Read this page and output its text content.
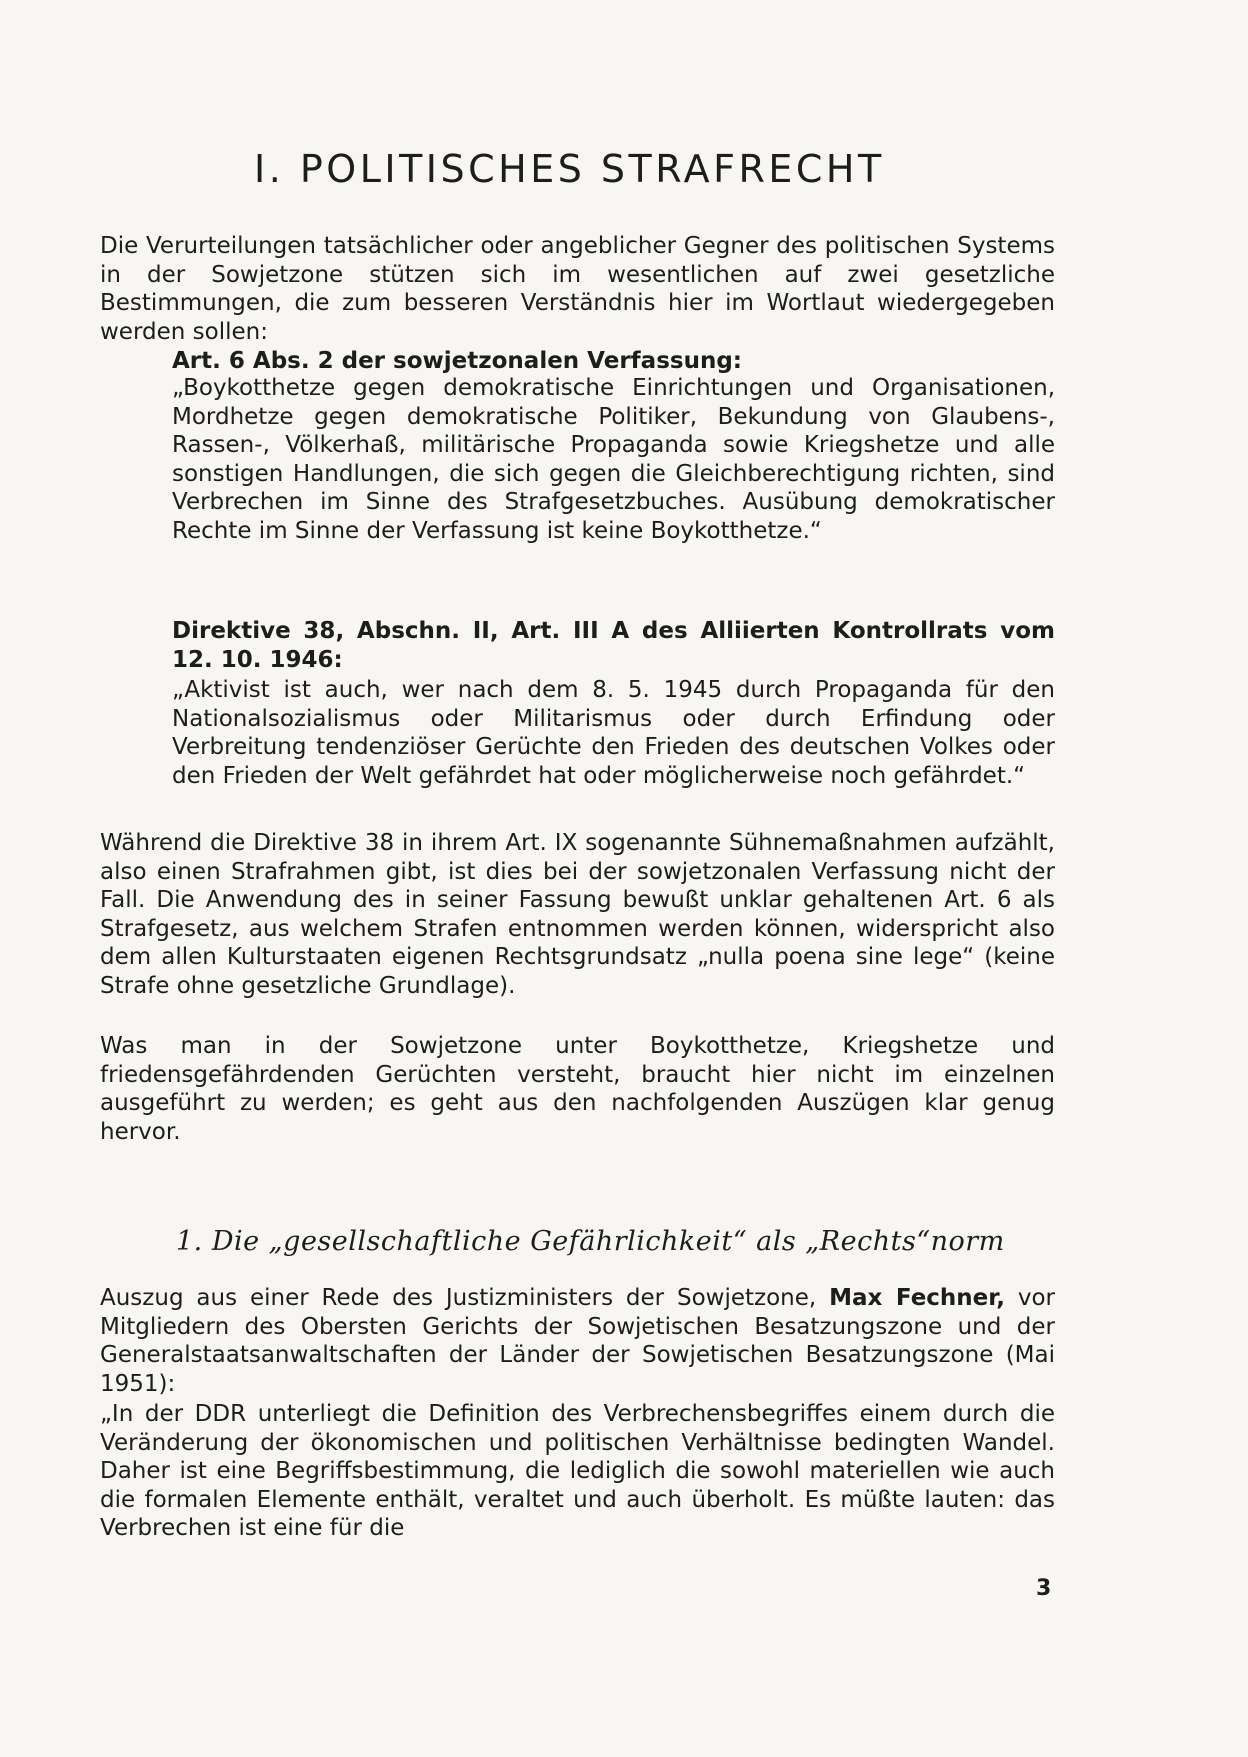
I. POLITISCHES STRAFRECHT

Die Verurteilungen tatsächlicher oder angeblicher Gegner des politischen Systems in der Sowjetzone stützen sich im wesentlichen auf zwei gesetzliche Bestimmungen, die zum besseren Verständnis hier im Wortlaut wiedergegeben werden sollen:

Art. 6 Abs. 2 der sowjetzonalen Verfassung:

„Boykotthetze gegen demokratische Einrichtungen und Organisationen, Mordhetze gegen demokratische Politiker, Bekundung von Glaubens-, Rassen-, Völkerhaß, militärische Propaganda sowie Kriegshetze und alle sonstigen Handlungen, die sich gegen die Gleichberechtigung richten, sind Verbrechen im Sinne des Strafgesetzbuches. Ausübung demokratischer Rechte im Sinne der Verfassung ist keine Boykotthetze.“

Direktive 38, Abschn. II, Art. III A des Alliierten Kontrollrats vom 12. 10. 1946:

„Aktivist ist auch, wer nach dem 8. 5. 1945 durch Propaganda für den Nationalsozialismus oder Militarismus oder durch Erfindung oder Verbreitung tendenziöser Gerüchte den Frieden des deutschen Volkes oder den Frieden der Welt gefährdet hat oder möglicherweise noch gefährdet.“

Während die Direktive 38 in ihrem Art. IX sogenannte Sühnemaßnahmen aufzählt, also einen Strafrahmen gibt, ist dies bei der sowjetzonalen Verfassung nicht der Fall. Die Anwendung des in seiner Fassung bewußt unklar gehaltenen Art. 6 als Strafgesetz, aus welchem Strafen entnommen werden können, widerspricht also dem allen Kulturstaaten eigenen Rechtsgrundsatz „nulla poena sine lege“ (keine Strafe ohne gesetzliche Grundlage).

Was man in der Sowjetzone unter Boykotthetze, Kriegshetze und friedensgefährdenden Gerüchten versteht, braucht hier nicht im einzelnen ausgeführt zu werden; es geht aus den nachfolgenden Auszügen klar genug hervor.

1. Die „gesellschaftliche Gefährlichkeit“ als „Rechts“norm

Auszug aus einer Rede des Justizministers der Sowjetzone, Max Fechner, vor Mitgliedern des Obersten Gerichts der Sowjetischen Besatzungszone und der Generalstaatsanwaltschaften der Länder der Sowjetischen Besatzungszone (Mai 1951):

„In der DDR unterliegt die Definition des Verbrechensbegriffes einem durch die Veränderung der ökonomischen und politischen Verhältnisse bedingten Wandel. Daher ist eine Begriffsbestimmung, die lediglich die sowohl materiellen wie auch die formalen Elemente enthält, veraltet und auch überholt. Es müßte lauten: das Verbrechen ist eine für die

3
